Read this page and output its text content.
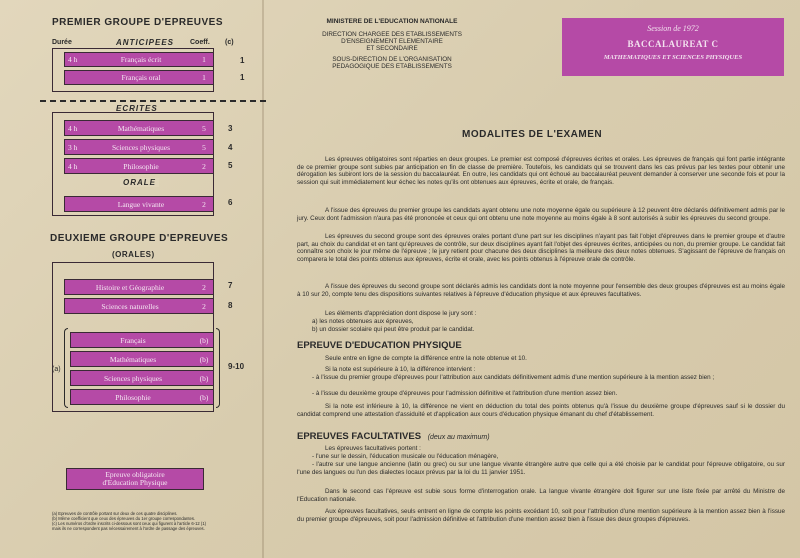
PREMIER GROUPE D'EPREUVES
Durée	ANTICIPEES Coeff. (c)
4 h	Français écrit	1	1
Français oral	1	1
ECRITES
4 h	Mathématiques	5	3
3 h	Sciences physiques	5	4
4 h	Philosophie	2	5
ORALE
Langue vivante	2	6
DEUXIEME GROUPE D'EPREUVES
(ORALES)
Histoire et Géographie	2	7
Sciences naturelles	2	8
(a)
Français	(b)
Mathématiques	(b)
Sciences physiques	(b)
Philosophie	(b)
9-10
Epreuve obligatoire
d'Education Physique
(a) Epreuves de contrôle portant sur deux de ces quatre disciplines.
(b) Même coefficient que ceux des épreuves du 1er groupe correspondantes.
(c) Les numéros d'ordre inscrits ci-dessous sont ceux qui figurent à l'article 6-12 (1)
mais ils ne correspondent pas nécessairement à l'ordre de passage des épreuves.
MINISTERE DE L'EDUCATION NATIONALE
DIRECTION CHARGEE DES ETABLISSEMENTS
D'ENSEIGNEMENT ELEMENTAIRE
ET SECONDAIRE
SOUS-DIRECTION DE L'ORGANISATION
PEDAGOGIQUE DES ETABLISSEMENTS
Session de 1972
BACCALAUREAT C
MATHEMATIQUES ET SCIENCES PHYSIQUES
MODALITES DE L'EXAMEN
Les épreuves obligatoires sont réparties en deux groupes. Le premier est composé d'épreuves écrites et orales. Les épreuves de français qui font partie intégrante de ce premier groupe sont subies par anticipation en fin de classe de première. Toutefois, les candidats qui se trouvent dans les cas prévus par les textes pour obtenir une dérogation les subiront lors de la session du baccalauréat. En outre, les candidats qui ont échoué au baccalauréat peuvent demander à conserver une seconde fois et pour la session qui suit immédiatement leur échec les notes qu'ils ont obtenues aux épreuves, écrite et orale, de français.
A l'issue des épreuves du premier groupe les candidats ayant obtenu une note moyenne égale ou supérieure à 12 peuvent être déclarés définitivement admis par le jury. Ceux dont l'admission n'aura pas été prononcée et ceux qui ont obtenu une note moyenne au moins égale à 8 sont autorisés à subir les épreuves du second groupe.
Les épreuves du second groupe sont des épreuves orales portant d'une part sur les disciplines n'ayant pas fait l'objet d'épreuves dans le premier groupe et d'autre part, au choix du candidat et en tant qu'épreuves de contrôle, sur deux disciplines ayant fait l'objet des épreuves écrites, anticipées ou non, du premier groupe. Le candidat fait connaître son choix le jour même de l'épreuve ; le jury retient pour chacune des deux disciplines la meilleure des deux notes obtenues. S'agissant de l'épreuve de français on comparera le total des points obtenus aux épreuves, écrite et orale, avec les points obtenus à l'épreuve orale de contrôle.
A l'issue des épreuves du second groupe sont déclarés admis les candidats dont la note moyenne pour l'ensemble des deux groupes d'épreuves est au moins égale à 10 sur 20, compte tenu des dispositions suivantes relatives à l'épreuve d'éducation physique et aux épreuves facultatives.
Les éléments d'appréciation dont dispose le jury sont :
a) les notes obtenues aux épreuves,
b) un dossier scolaire qui peut être produit par le candidat.
EPREUVE D'EDUCATION PHYSIQUE
Seule entre en ligne de compte la différence entre la note obtenue et 10.
Si la note est supérieure à 10, la différence intervient :
- à l'issue du premier groupe d'épreuves pour l'attribution aux candidats définitivement admis d'une mention supérieure à la mention assez bien ;
- à l'issue du deuxième groupe d'épreuves pour l'admission définitive et l'attribution d'une mention assez bien.
Si la note est inférieure à 10, la différence ne vient en déduction du total des points obtenus qu'à l'issue du deuxième groupe d'épreuves sauf si le dossier du candidat comprend une attestation d'assiduité et d'application aux cours d'éducation physique émanant du chef d'établissement.
EPREUVES FACULTATIVES (deux au maximum)
Les épreuves facultatives portent :
- l'une sur le dessin, l'éducation musicale ou l'éducation ménagère,
- l'autre sur une langue ancienne (latin ou grec) ou sur une langue vivante étrangère autre que celle qui a été choisie par le candidat pour l'épreuve obligatoire, ou sur l'une des langues ou l'un des dialectes locaux prévus par la loi du 11 janvier 1951.
Dans le second cas l'épreuve est subie sous forme d'interrogation orale. La langue vivante étrangère doit figurer sur une liste fixée par arrêté du Ministre de l'Education nationale.
Aux épreuves facultatives, seuls entrent en ligne de compte les points excédant 10, soit pour l'attribution d'une mention supérieure à la mention assez bien à l'issue du premier groupe d'épreuves, soit pour l'admission définitive et l'attribution d'une mention assez bien à l'issue des deux groupes d'épreuves.
